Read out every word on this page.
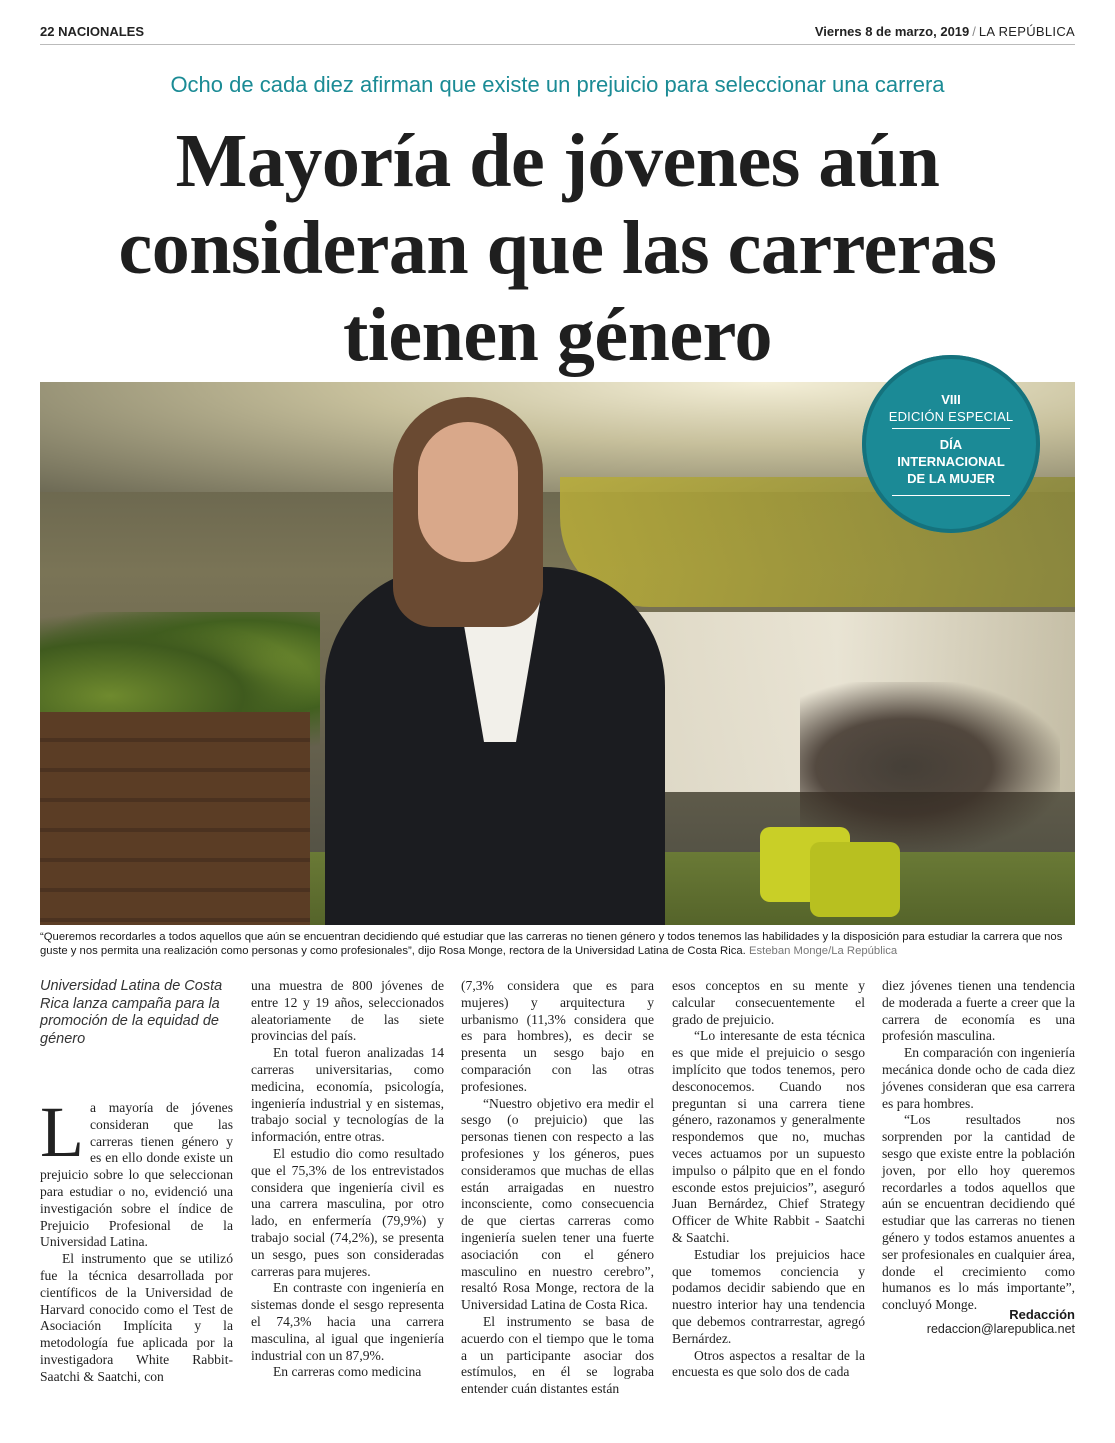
22 NACIONALES	Viernes 8 de marzo, 2019 / LA REPÚBLICA
Ocho de cada diez afirman que existe un prejuicio para seleccionar una carrera
Mayoría de jóvenes aún
consideran que las carreras
tienen género
VIII
EDICIÓN ESPECIAL
DÍA
INTERNACIONAL
DE LA MUJER
“Queremos recordarles a todos aquellos que aún se encuentran decidiendo qué estudiar que las carreras no tienen género y todos tenemos las habilidades y la disposición para estudiar la carrera que nos guste y nos permita una realización como personas y como profesionales”, dijo Rosa Monge, rectora de la Universidad Latina de Costa Rica. Esteban Monge/La República
Universidad Latina de Costa Rica lanza campaña para la promoción de la equidad de género

La mayoría de jóvenes consideran que las carreras tienen género y es en ello donde existe un prejuicio sobre lo que seleccionan para estudiar o no, evidenció una investigación sobre el índice de Prejuicio Profesional de la Universidad Latina.

El instrumento que se utilizó fue la técnica desarrollada por científicos de la Universidad de Harvard conocido como el Test de Asociación Implícita y la metodología fue aplicada por la investigadora White Rabbit-Saatchi & Saatchi, con

una muestra de 800 jóvenes de entre 12 y 19 años, seleccionados aleatoriamente de las siete provincias del país.

En total fueron analizadas 14 carreras universitarias, como medicina, economía, psicología, ingeniería industrial y en sistemas, trabajo social y tecnologías de la información, entre otras.

El estudio dio como resultado que el 75,3% de los entrevistados considera que ingeniería civil es una carrera masculina, por otro lado, en enfermería (79,9%) y trabajo social (74,2%), se presenta un sesgo, pues son consideradas carreras para mujeres.

En contraste con ingeniería en sistemas donde el sesgo representa el 74,3% hacia una carrera masculina, al igual que ingeniería industrial con un 87,9%.

En carreras como medicina

(7,3% considera que es para mujeres) y arquitectura y urbanismo (11,3% considera que es para hombres), es decir se presenta un sesgo bajo en comparación con las otras profesiones.

“Nuestro objetivo era medir el sesgo (o prejuicio) que las personas tienen con respecto a las profesiones y los géneros, pues consideramos que muchas de ellas están arraigadas en nuestro inconsciente, como consecuencia de que ciertas carreras como ingeniería suelen tener una fuerte asociación con el género masculino en nuestro cerebro”, resaltó Rosa Monge, rectora de la Universidad Latina de Costa Rica.

El instrumento se basa de acuerdo con el tiempo que le toma a un participante asociar dos estímulos, en él se lograba entender cuán distantes están

esos conceptos en su mente y calcular consecuentemente el grado de prejuicio.

“Lo interesante de esta técnica es que mide el prejuicio o sesgo implícito que todos tenemos, pero desconocemos. Cuando nos preguntan si una carrera tiene género, razonamos y generalmente respondemos que no, muchas veces actuamos por un supuesto impulso o pálpito que en el fondo esconde estos prejuicios”, aseguró Juan Bernárdez, Chief Strategy Officer de White Rabbit - Saatchi & Saatchi.

Estudiar los prejuicios hace que tomemos conciencia y podamos decidir sabiendo que en nuestro interior hay una tendencia que debemos contrarrestar, agregó Bernárdez.

Otros aspectos a resaltar de la encuesta es que solo dos de cada

diez jóvenes tienen una tendencia de moderada a fuerte a creer que la carrera de economía es una profesión masculina.

En comparación con ingeniería mecánica donde ocho de cada diez jóvenes consideran que esa carrera es para hombres.

“Los resultados nos sorprenden por la cantidad de sesgo que existe entre la población joven, por ello hoy queremos recordarles a todos aquellos que aún se encuentran decidiendo qué estudiar que las carreras no tienen género y todos estamos anuentes a ser profesionales en cualquier área, donde el crecimiento como humanos es lo más importante”, concluyó Monge.

Redacción
redaccion@larepublica.net
